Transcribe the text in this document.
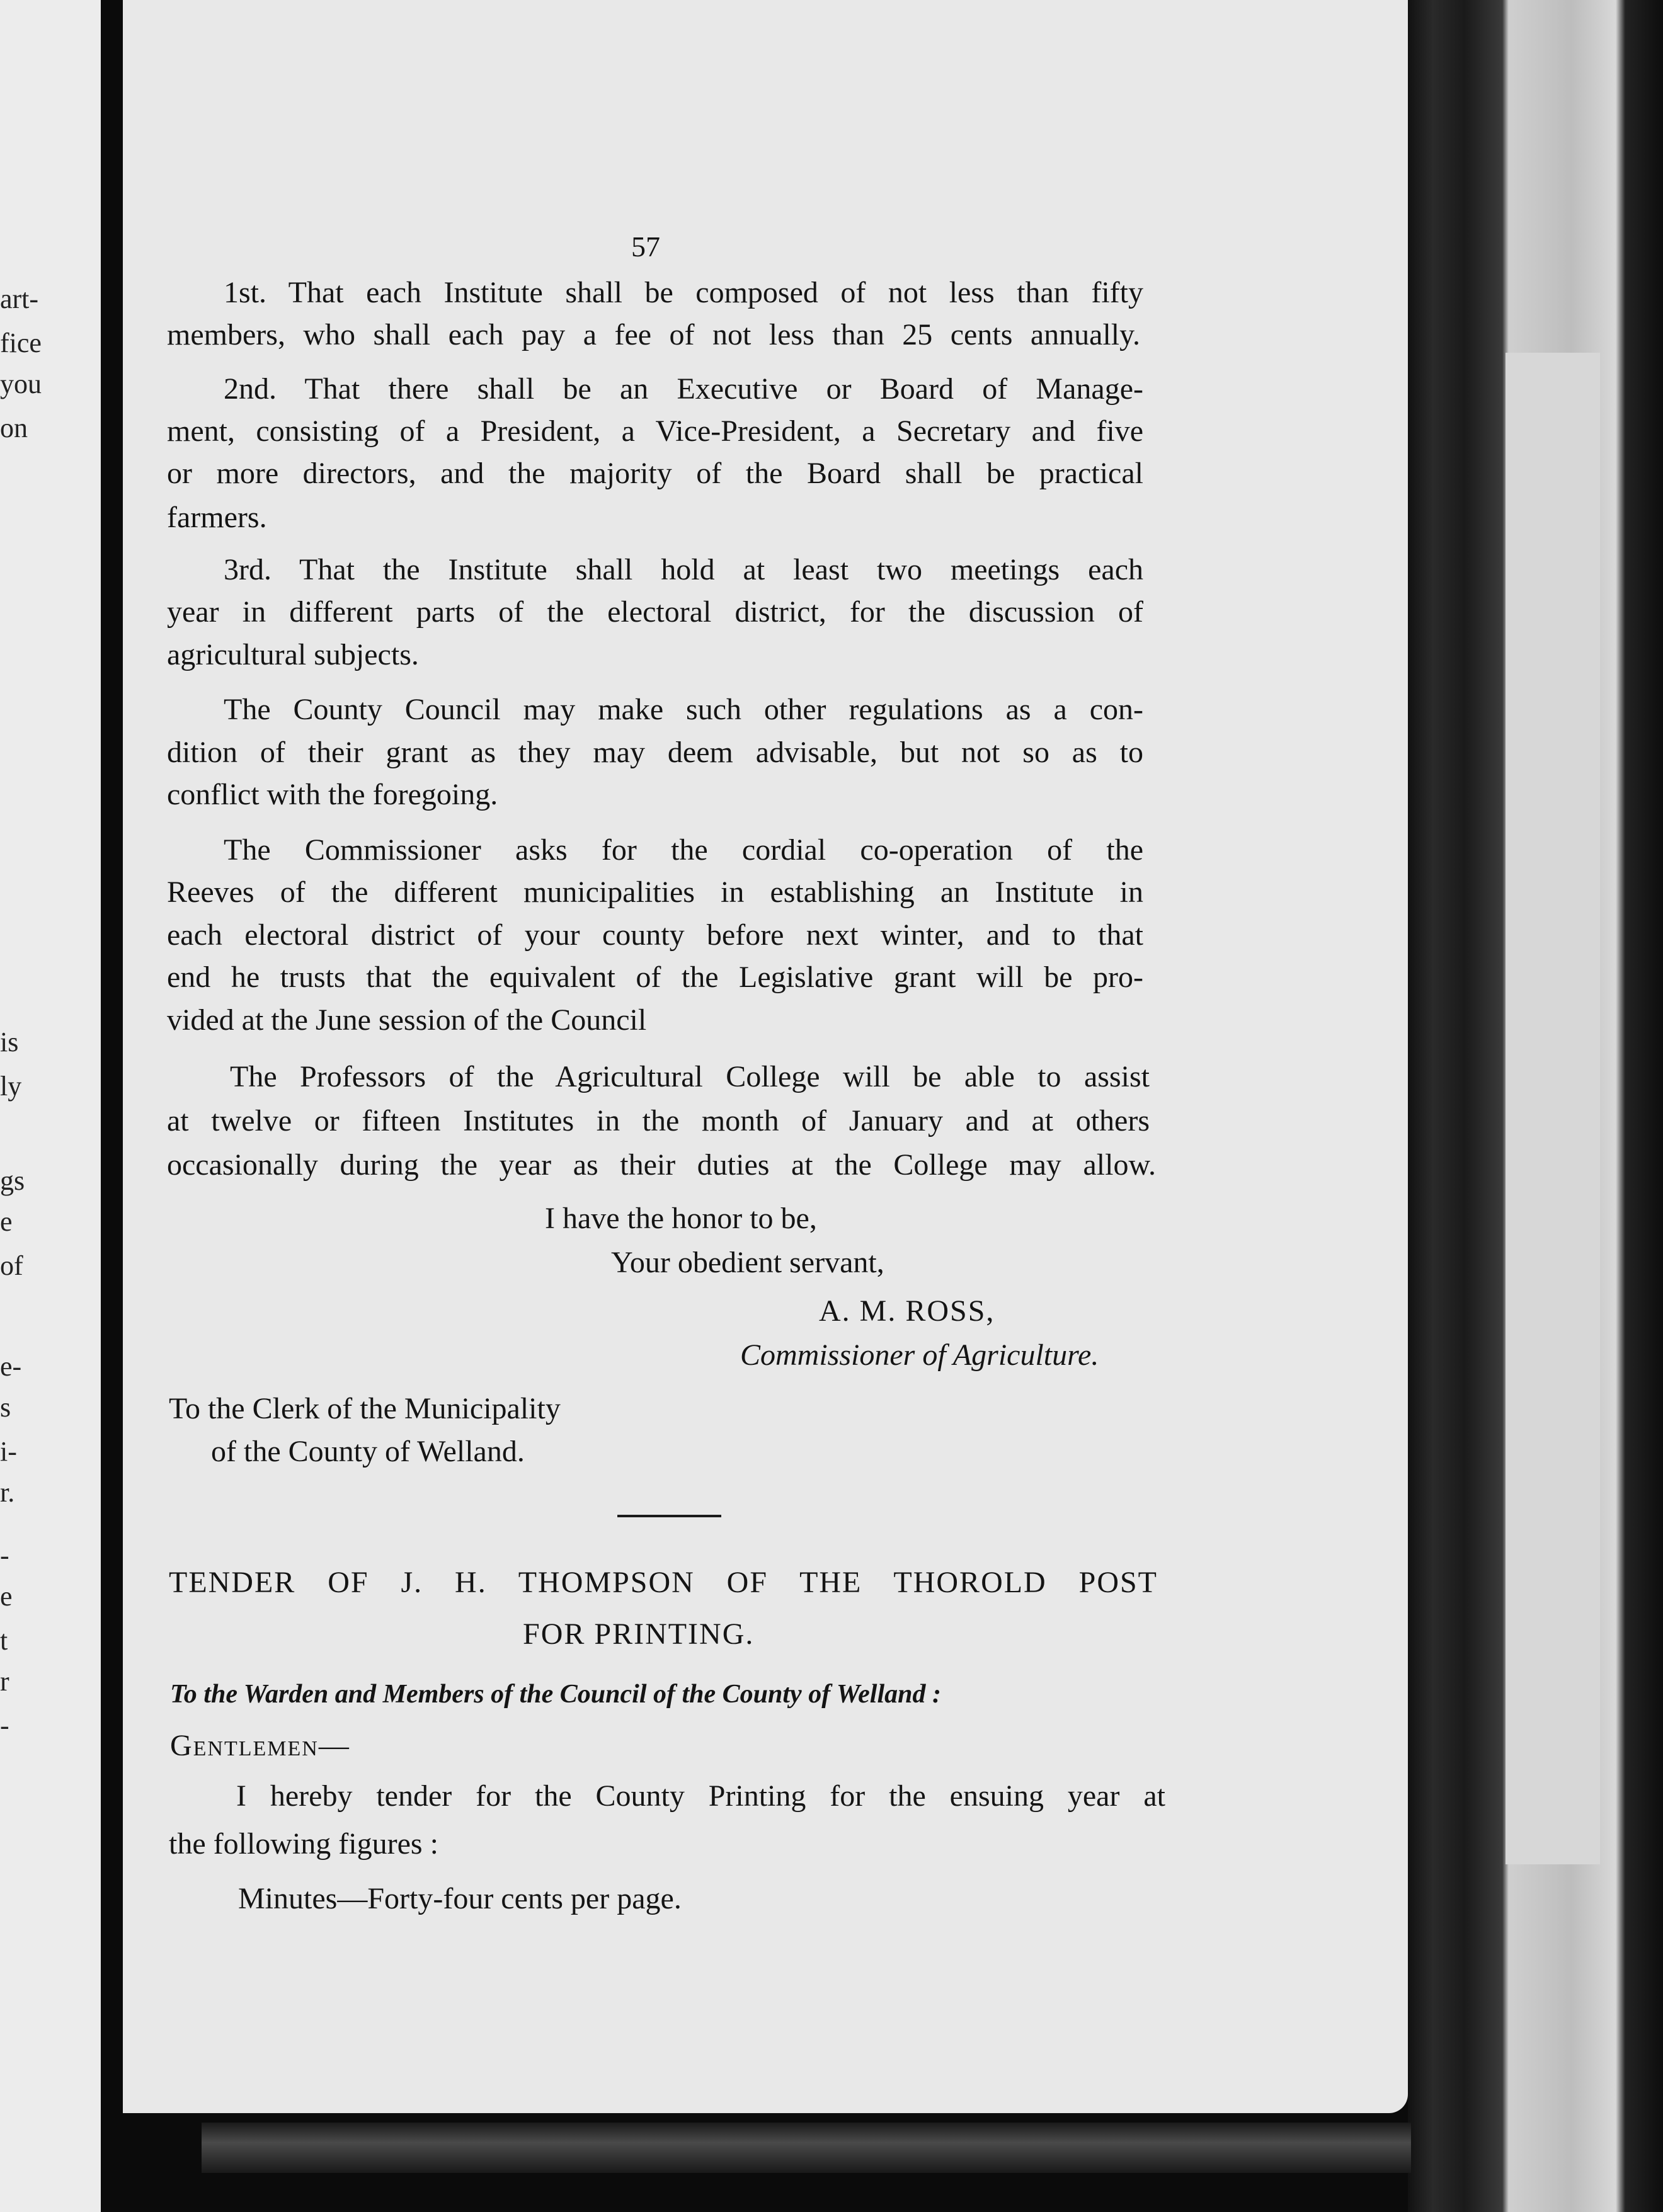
art-
fice
you
on
is
ly
gs
e
of
e-
s
i-
r.
-
e
t
r
-
57
1st. That each Institute shall be composed of not less than fifty
members, who shall each pay a fee of not less than 25 cents annually.
2nd. That there shall be an Executive or Board of Manage-
ment, consisting of a President, a Vice-President, a Secretary and five
or more directors, and the majority of the Board shall be practical
farmers.
3rd. That the Institute shall hold at least two meetings each
year in different parts of the electoral district, for the discussion of
agricultural subjects.
The County Council may make such other regulations as a con-
dition of their grant as they may deem advisable, but not so as to
conflict with the foregoing.
The Commissioner asks for the cordial co-operation of the
Reeves of the different municipalities in establishing an Institute in
each electoral district of your county before next winter, and to that
end he trusts that the equivalent of the Legislative grant will be pro-
vided at the June session of the Council
The Professors of the Agricultural College will be able to assist
at twelve or fifteen Institutes in the month of January and at others
occasionally during the year as their duties at the College may allow.
I have the honor to be,
Your obedient servant,
A. M. ROSS,
Commissioner of Agriculture.
To the Clerk of the Municipality
of the County of Welland.
TENDER OF J. H. THOMPSON OF THE THOROLD POST
FOR PRINTING.
To the Warden and Members of the Council of the County of Welland :
Gentlemen—
I hereby tender for the County Printing for the ensuing year at
the following figures :
Minutes—Forty-four cents per page.
